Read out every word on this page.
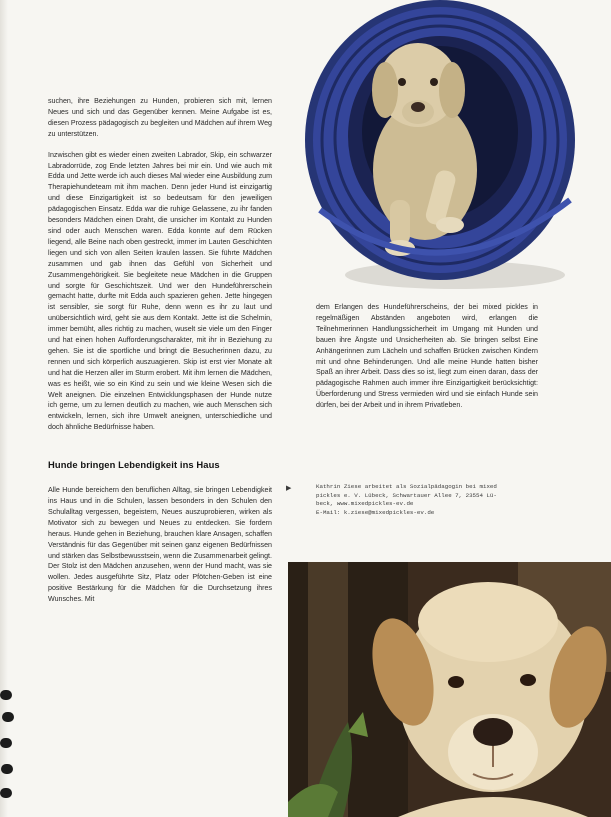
suchen, ihre Beziehungen zu Hunden, probieren sich mit, lernen Neues und sich und das Gegenüber kennen. Meine Aufgabe ist es, diesen Prozess pädagogisch zu begleiten und Mädchen auf ihrem Weg zu unterstützen.

Inzwischen gibt es wieder einen zweiten Labrador, Skip, ein schwarzer Labradorrüde, zog Ende letzten Jahres bei mir ein. Und wie auch mit Edda und Jette werde ich auch dieses Mal wieder eine Ausbildung zum Therapiehundeteam mit ihm machen. Denn jeder Hund ist einzigartig und diese Einzigartigkeit ist so bedeutsam für den jeweiligen pädagogischen Einsatz. Edda war die ruhige Gelassene, zu ihr fanden besonders Mädchen einen Draht, die unsicher im Kontakt zu Hunden sind oder auch Menschen waren. Edda konnte auf dem Rücken liegend, alle Beine nach oben gestreckt, immer im Lauten Geschichten liegen und sich von allen Seiten kraulen lassen. Sie führte Mädchen zusammen und gab ihnen das Gefühl von Sicherheit und Zusammengehörigkeit. Sie begleitete neue Mädchen in die Gruppen und sorgte für Geschichtszeit. Und wer den Hundeführerschein gemacht hatte, durfte mit Edda auch spazieren gehen. Jette hingegen ist sensibler, sie sorgt für Ruhe, denn wenn es ihr zu laut und unübersichtlich wird, geht sie aus dem Kontakt. Jette ist die Schelmin, immer bemüht, alles richtig zu machen, wuselt sie viele um den Finger und hat einen hohen Aufforderungscharakter, mit ihr in Beziehung zu gehen. Sie ist die sportliche und bringt die Besucherinnen dazu, zu rennen und sich körperlich auszuagieren. Skip ist erst vier Monate alt und hat die Herzen aller im Sturm erobert. Mit ihm lernen die Mädchen, was es heißt, wie so ein Kind zu sein und wie kleine Wesen sich die Welt aneignen. Die einzelnen Entwicklungsphasen der Hunde nutze ich gerne, um zu lernen deutlich zu machen, wie auch Menschen sich entwickeln, lernen, sich ihre Umwelt aneignen, unterschiedliche und doch ähnliche Bedürfnisse haben.

Hunde bringen Lebendigkeit ins Haus

Alle Hunde bereichern den beruflichen Alltag, sie bringen Lebendigkeit ins Haus und in die Schulen, lassen besonders in den Schulen den Schulalltag vergessen, begeistern, Neues auszuprobieren, wirken als Motivator sich zu bewegen und Neues zu entdecken. Sie fordern heraus. Hunde gehen in Beziehung, brauchen klare Ansagen, schaffen Verständnis für das Gegenüber mit seinen ganz eigenen Bedürfnissen und stärken das Selbstbewusstsein, wenn die Zusammenarbeit gelingt. Der Stolz ist den Mädchen anzusehen, wenn der Hund macht, was sie wollen. Jedes ausgeführte Sitz, Platz oder Pfötchen-Geben ist eine positive Bestärkung für die Mädchen für die Durchsetzung ihres Wunsches. Mit

dem Erlangen des Hundeführerscheins, der bei mixed pickles in regelmäßigen Abständen angeboten wird, erlangen die Teilnehmerinnen Handlungssicherheit im Umgang mit Hunden und bauen ihre Ängste und Unsicherheiten ab. Sie bringen selbst Eine Anhängerinnen zum Lächeln und schaffen Brücken zwischen Kindern mit und ohne Behinderungen. Und alle meine Hunde hatten bisher Spaß an ihrer Arbeit. Dass dies so ist, liegt zum einen daran, dass der pädagogische Rahmen auch immer ihre Einzigartigkeit berücksichtigt: Überforderung und Stress vermieden wird und sie einfach Hunde sein dürfen, bei der Arbeit und in ihrem Privatleben.

▶	Kathrin Ziese arbeitet als Sozialpädagogin bei mixed
pickles e. V. Lübeck, Schwartauer Allee 7, 23554 Lü-
beck, www.mixedpickles-ev.de
E-Mail: k.ziese@mixedpickles-ev.de
